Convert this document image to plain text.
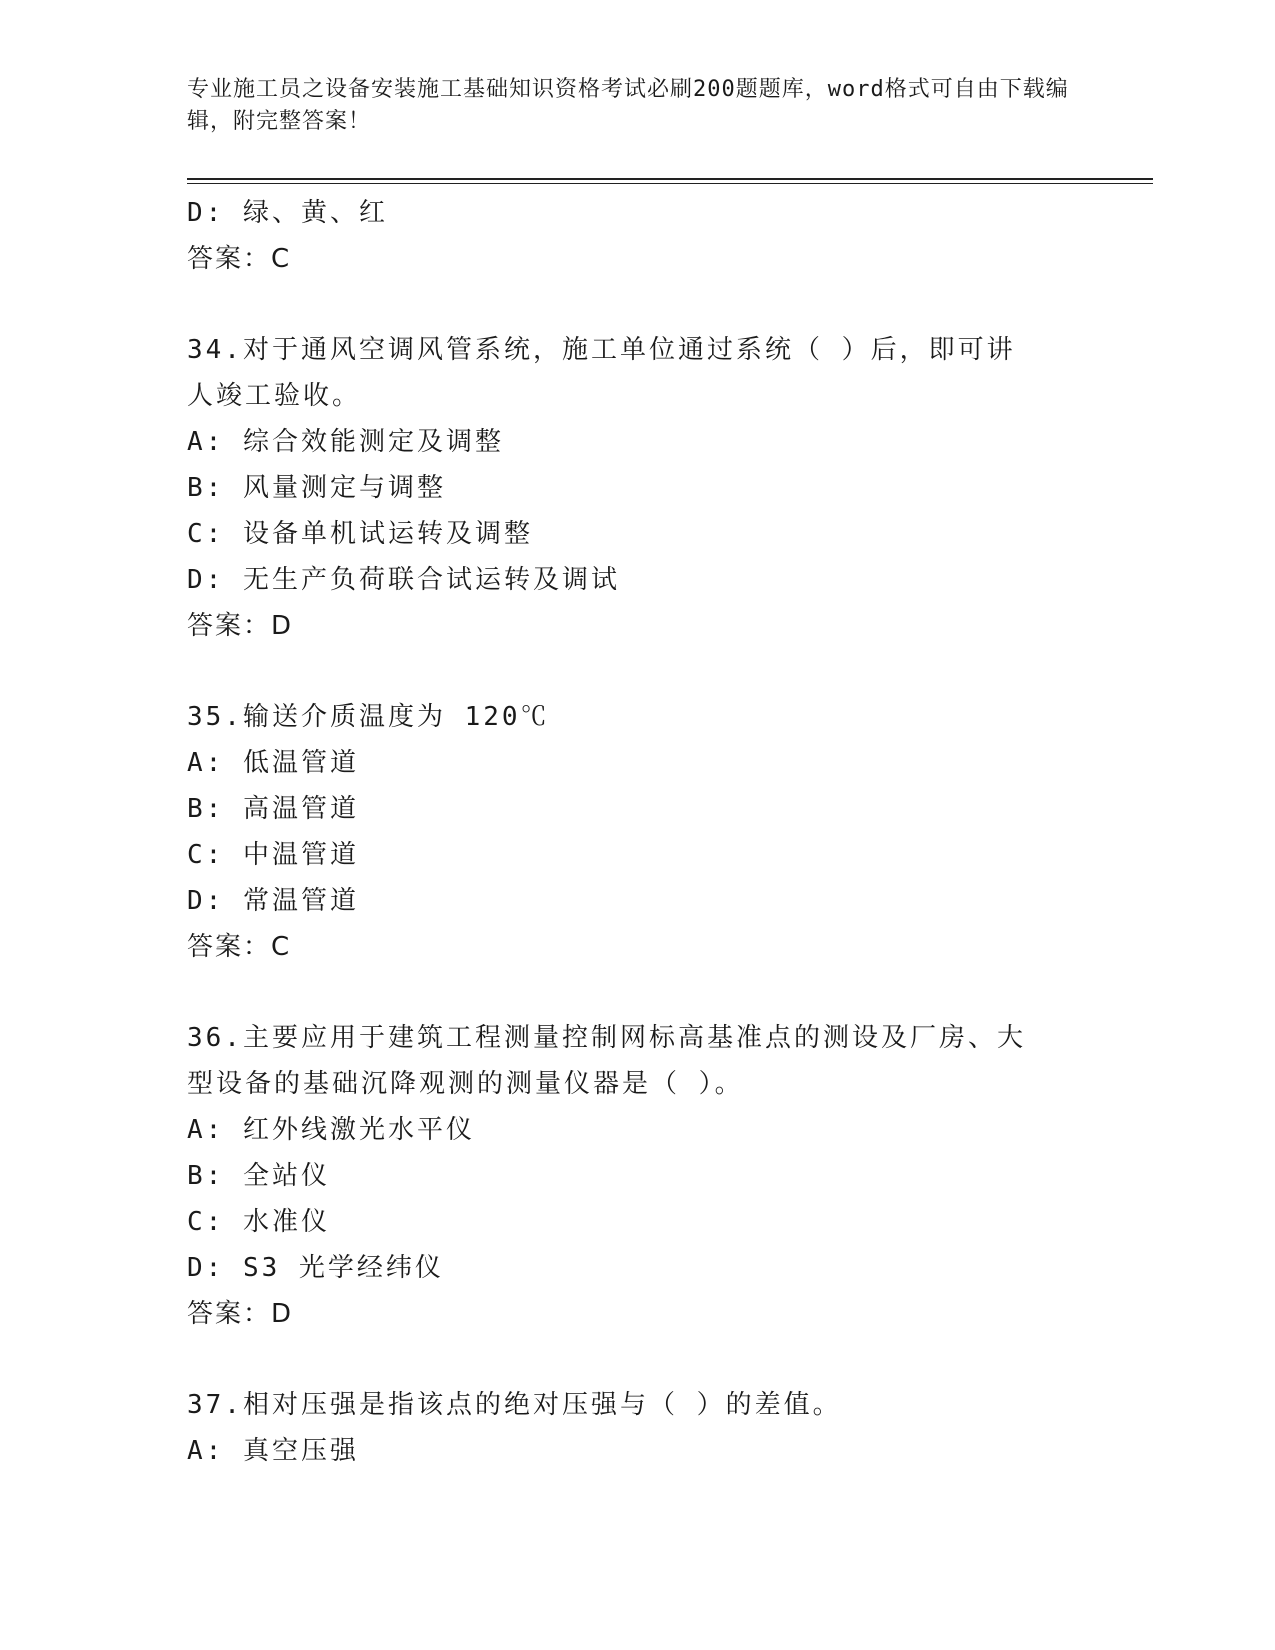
专业施工员之设备安装施工基础知识资格考试必刷200题题库，word格式可自由下载编辑，附完整答案！
D: 绿、黄、红
答案：C
34.对于通风空调风管系统，施工单位通过系统（ ）后，即可讲人竣工验收。
A: 综合效能测定及调整
B: 风量测定与调整
C: 设备单机试运转及调整
D: 无生产负荷联合试运转及调试
答案：D
35.输送介质温度为 120℃
A: 低温管道
B: 高温管道
C: 中温管道
D: 常温管道
答案：C
36.主要应用于建筑工程测量控制网标高基准点的测设及厂房、大型设备的基础沉降观测的测量仪器是（ ）。
A: 红外线激光水平仪
B: 全站仪
C: 水准仪
D: S3 光学经纬仪
答案：D
37.相对压强是指该点的绝对压强与（ ）的差值。
A: 真空压强
